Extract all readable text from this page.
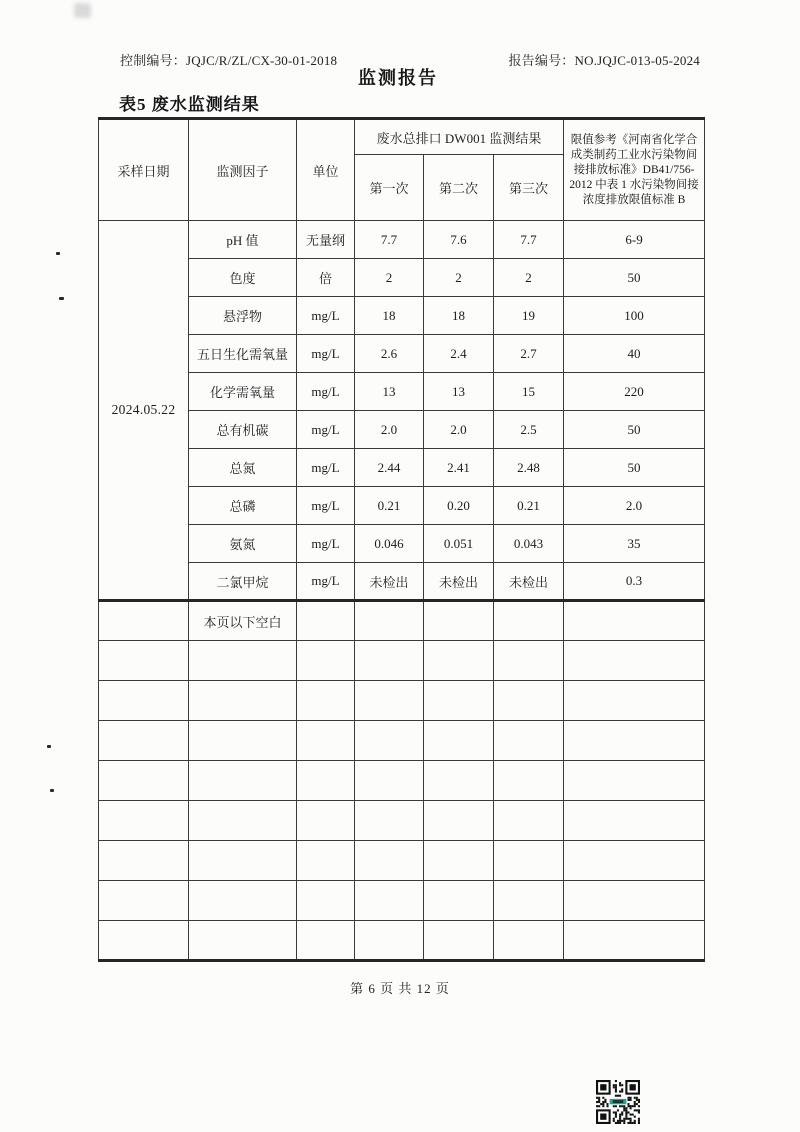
控制编号：JQJC/R/ZL/CX-30-01-2018	报告编号：NO.JQJC-013-05-2024
监测报告
表5 废水监测结果
采样日期	监测因子	单位	废水总排口 DW001 监测结果			限值参考《河南省化学合成类制药工业水污染物间接排放标准》DB41/756-2012 中表 1 水污染物间接浓度排放限值标准 B
			第一次	第二次	第三次	
2024.05.22	pH 值	无量纲	7.7	7.6	7.7	6-9
	色度	倍	2	2	2	50
	悬浮物	mg/L	18	18	19	100
	五日生化需氧量	mg/L	2.6	2.4	2.7	40
	化学需氧量	mg/L	13	13	15	220
	总有机碳	mg/L	2.0	2.0	2.5	50
	总氮	mg/L	2.44	2.41	2.48	50
	总磷	mg/L	0.21	0.20	0.21	2.0
	氨氮	mg/L	0.046	0.051	0.043	35
	二氯甲烷	mg/L	未检出	未检出	未检出	0.3
	本页以下空白					

第 6 页 共 12 页
